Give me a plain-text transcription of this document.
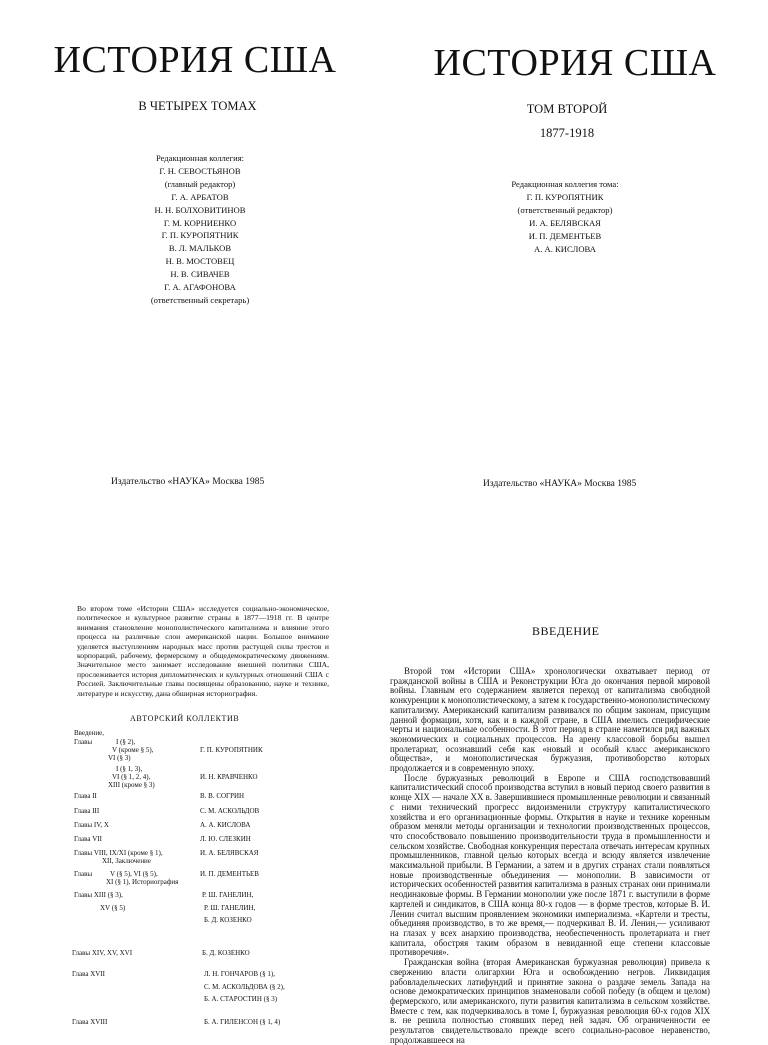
ИСТОРИЯ США
В ЧЕТЫРЕХ ТОМАХ
Редакционная коллегия:
Г. Н. СЕВОСТЬЯНОВ
(главный редактор)
Г. А. АРБАТОВ
Н. Н. БОЛХОВИТИНОВ
Г. М. КОРНИЕНКО
Г. П. КУРОПЯТНИК
В. Л. МАЛЬКОВ
Н. В. МОСТОВЕЦ
Н. В. СИВАЧЕВ
Г. А. АГАФОНОВА
(ответственный секретарь)
Издательство «НАУКА» Москва 1985
ИСТОРИЯ США
ТОМ ВТОРОЙ
1877-1918
Редакционная коллегия тома:
Г. П. КУРОПЯТНИК
(ответственный редактор)
И. А. БЕЛЯВСКАЯ
И. П. ДЕМЕНТЬЕВ
А. А. КИСЛОВА
Издательство «НАУКА» Москва 1985
Во втором томе «Истории США» исследуется социально-экономическое, политическое и культурное развитие страны в 1877—1918 гг. В центре внимания становление монополистического капитализма и влияние этого процесса на различные слои американской нации. Большое внимание уделяется выступлениям народных масс против растущей силы трестов и корпораций, рабочему, фермерскому и общедемократическому движениям. Значительное место занимает исследование внешней политики США, прослеживается история дипломатических и культурных отношений США с Россией. Заключительные главы посвящены образованию, науке и технике, литературе и искусству, дана обширная историография.
АВТОРСКИЙ КОЛЛЕКТИВ
Введение,
Главы	I (§ 2),
V (кроме § 5),
VI (§ 3)
Г. П. КУРОПЯТНИК
I (§ 1, 3),
VI (§ 1, 2, 4),
XIII (кроме § 3)
И. Н. КРАВЧЕНКО
Глава II	В. В. СОГРИН
Глава III	С. М. АСКОЛЬДОВ
Главы IV, X	А. А. КИСЛОВА
Глава VII	Л. Ю. СЛЕЗКИН
Главы VIII, IX/XI (кроме § 1),
XII, Заключение
И. А. БЕЛЯВСКАЯ
Главы	V (§ 5), VI (§ 5),
XI (§ 1), Историография
И. П. ДЕМЕНТЬЕВ
Главы XIII (§ 3),	Р. Ш. ГАНЕЛИН,
XV (§ 5)	Р. Ш. ГАНЕЛИН,
Б. Д. КОЗЕНКО
Главы XIV, XV, XVI	Б. Д. КОЗЕНКО
Глава XVII	Л. Н. ГОНЧАРОВ (§ 1),
С. М. АСКОЛЬДОВА (§ 2),
Б. А. СТАРОСТИН (§ 3)
Глава XVIII	Б. А. ГИЛЕНСОН (§ 1, 4)
ВВЕДЕНИЕ

Второй том «Истории США» хронологически охватывает период от гражданской войны в США и Реконструкции Юга до окончания первой мировой войны. Главным его содержанием является переход от капитализма свободной конкуренции к монополистическому, а затем к государственно-монополистическому капитализму. Американский капитализм развивался по общим законам, присущим данной формации, хотя, как и в каждой стране, в США имелись специфические черты и национальные особенности. В этот период в стране наметился ряд важных экономических и социальных процессов. На арену классовой борьбы вышел пролетариат, осознавший себя как «новый и особый класс американского общества», и монополистическая буржуазия, противоборство которых продолжается и в современную эпоху.

После буржуазных революций в Европе и США господствовавший капиталистический способ производства вступил в новый период своего развития в конце XIX — начале XX в. Завершившиеся промышленные революции и связанный с ними технический прогресс видоизменили структуру капиталистического хозяйства и его организационные формы. Открытия в науке и технике коренным образом меняли методы организации и технологии производственных процессов, что способствовало повышению производительности труда в промышленности и сельском хозяйстве. Свободная конкуренция перестала отвечать интересам крупных промышленников, главной целью которых всегда и всюду является извлечение максимальной прибыли. В Германии, а затем и в других странах стали появляться новые производственные объединения — монополии. В зависимости от исторических особенностей развития капитализма в разных странах они принимали неодинаковые формы. В Германии монополии уже после 1871 г. выступили в форме картелей и синдикатов, в США конца 80-х годов — в форме трестов, которые В. И. Ленин считал высшим проявлением экономики империализма. «Картели и тресты, объединяя производство, в то же время,— подчеркивал В. И. Ленин,— усиливают на глазах у всех анархию производства, необеспеченность пролетариата и гнет капитала, обостряя таким образом в невиданной еще степени классовые противоречия».

Гражданская война (вторая Американская буржуазная революция) привела к свержению власти олигархии Юга и освобождению негров. Ликвидация рабовладельческих латифундий и принятие закона о раздаче земель Запада на основе демократических принципов знаменовали собой победу (в общем и целом) фермерского, или американского, пути развития капитализма в сельском хозяйстве. Вместе с тем, как подчеркивалось в томе I, буржуазная революция 60-х годов XIX в. не решила полностью стоявших перед ней задач. Об ограниченности ее результатов свидетельствовало прежде всего социально-расовое неравенство, продолжавшееся на
